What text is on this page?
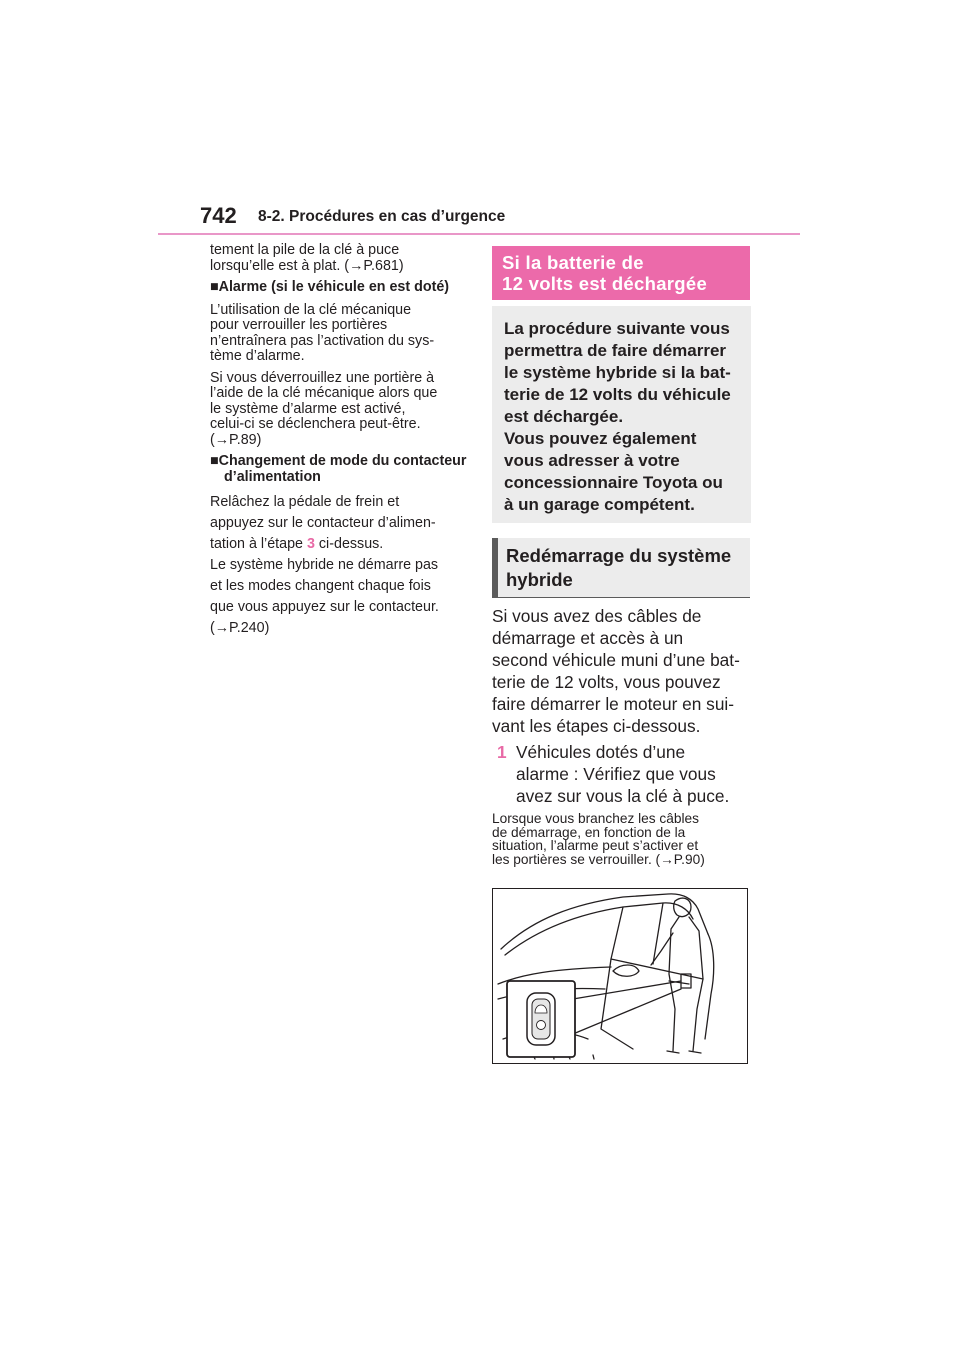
742 8-2. Procédures en cas d’urgence

tement la pile de la clé à puce
lorsqu’elle est à plat. (→P.681)

■Alarme (si le véhicule en est doté)

L’utilisation de la clé mécanique
pour verrouiller les portières
n’entraînera pas l’activation du sys-
tème d’alarme.

Si vous déverrouillez une portière à
l’aide de la clé mécanique alors que
le système d’alarme est activé,
celui-ci se déclenchera peut-être.
(→P.89)

■Changement de mode du contacteur d’alimentation

Relâchez la pédale de frein et
appuyez sur le contacteur d’alimen-
tation à l’étape 3 ci-dessus.

Le système hybride ne démarre pas
et les modes changent chaque fois
que vous appuyez sur le contacteur.
(→P.240)

Si la batterie de
12 volts est déchargée

La procédure suivante vous
permettra de faire démarrer
le système hybride si la bat-
terie de 12 volts du véhicule
est déchargée.
Vous pouvez également
vous adresser à votre
concessionnaire Toyota ou
à un garage compétent.

Redémarrage du système
hybride
Si vous avez des câbles de
démarrage et accès à un
second véhicule muni d’une bat-
terie de 12 volts, vous pouvez
faire démarrer le moteur en sui-
vant les étapes ci-dessous.
1 Véhicules dotés d’une
alarme : Vérifiez que vous
avez sur vous la clé à puce.
Lorsque vous branchez les câbles
de démarrage, en fonction de la
situation, l’alarme peut s’activer et
les portières se verrouiller. (→P.90)
